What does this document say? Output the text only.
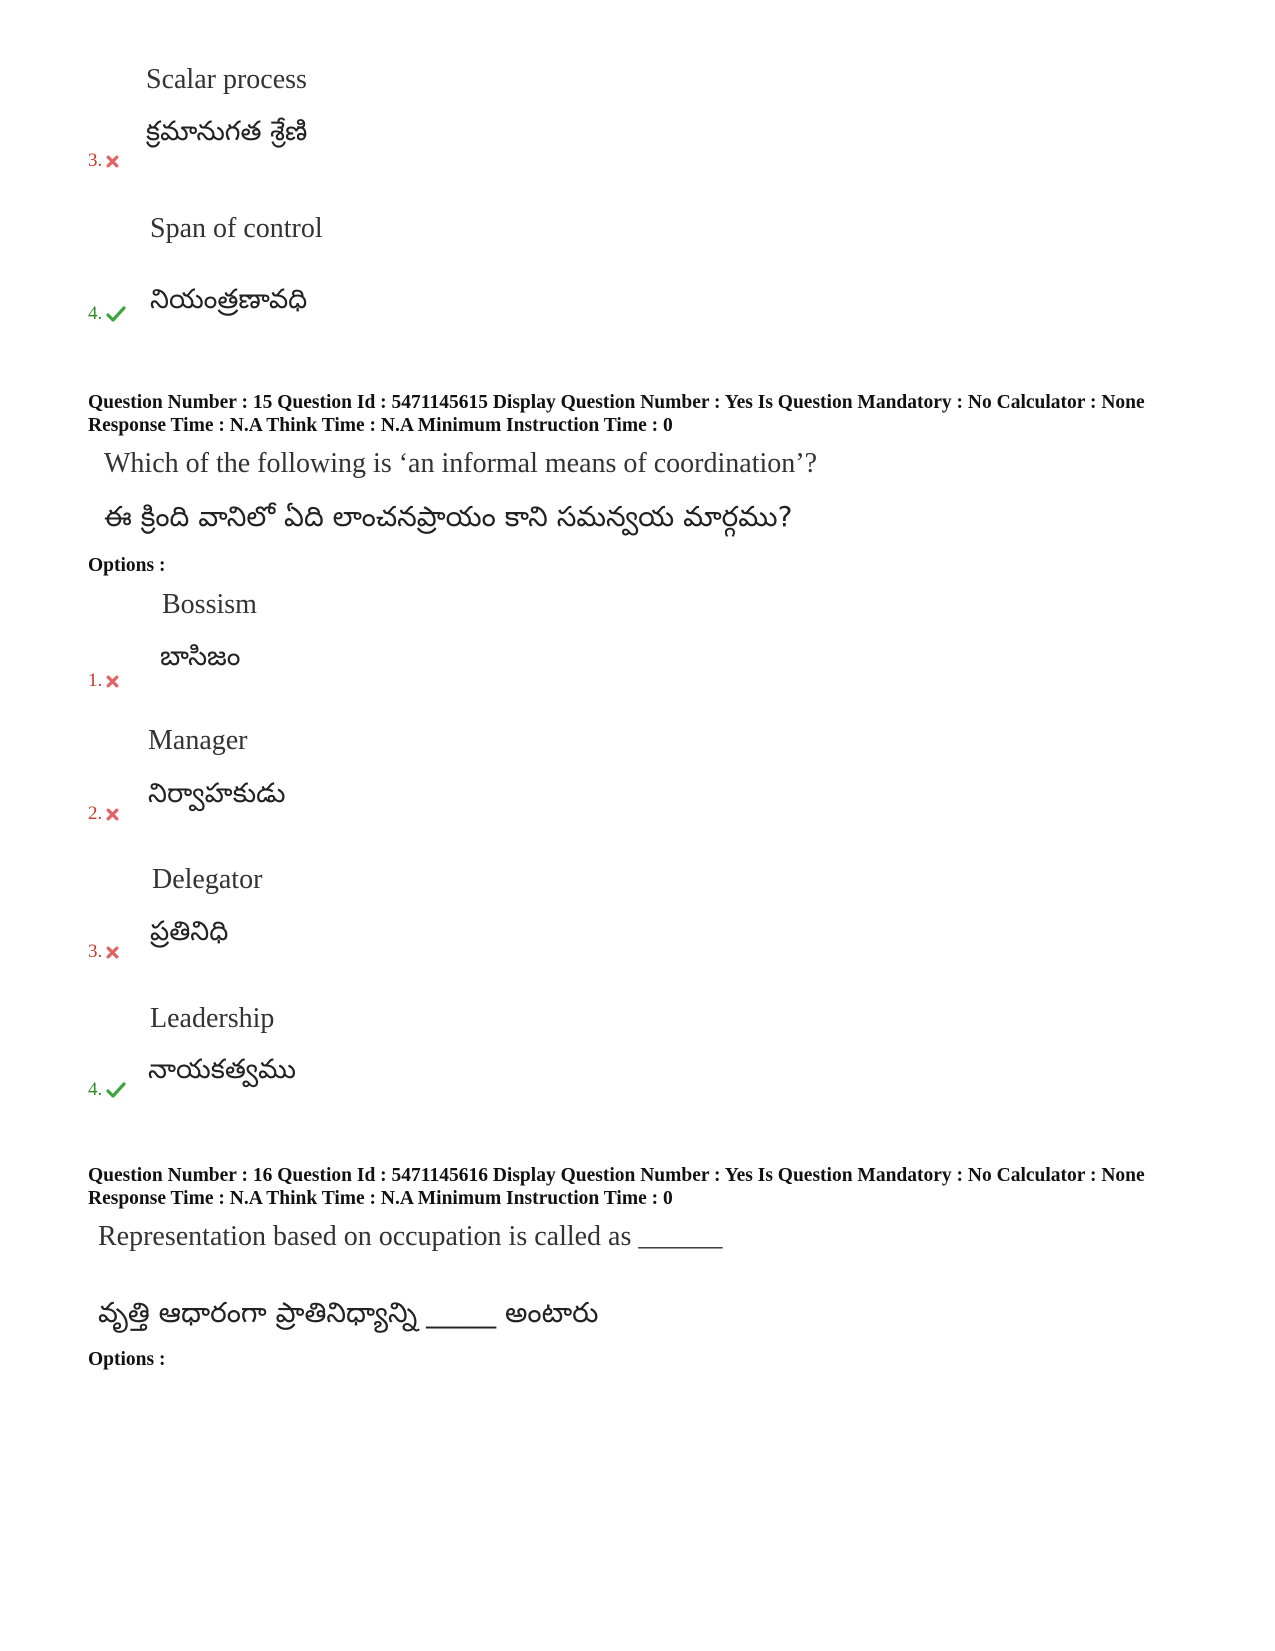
Scalar process
క్రమానుగత శ్రేణి
3.
Span of control
నియంత్రణావధి
4.
Question Number : 15 Question Id : 5471145615 Display Question Number : Yes Is Question Mandatory : No Calculator : None Response Time : N.A Think Time : N.A Minimum Instruction Time : 0
Which of the following is ‘an informal means of coordination’?
ఈ క్రింది వానిలో ఏది లాంచనప్రాయం కాని సమన్వయ మార్గము?
Options :
Bossism
బాసిజం
1.
Manager
నిర్వాహకుడు
2.
Delegator
ప్రతినిధి
3.
Leadership
నాయకత్వము
4.
Question Number : 16 Question Id : 5471145616 Display Question Number : Yes Is Question Mandatory : No Calculator : None Response Time : N.A Think Time : N.A Minimum Instruction Time : 0
Representation based on occupation is called as ______
వృత్తి ఆధారంగా ప్రాతినిధ్యాన్ని _____ అంటారు
Options :
